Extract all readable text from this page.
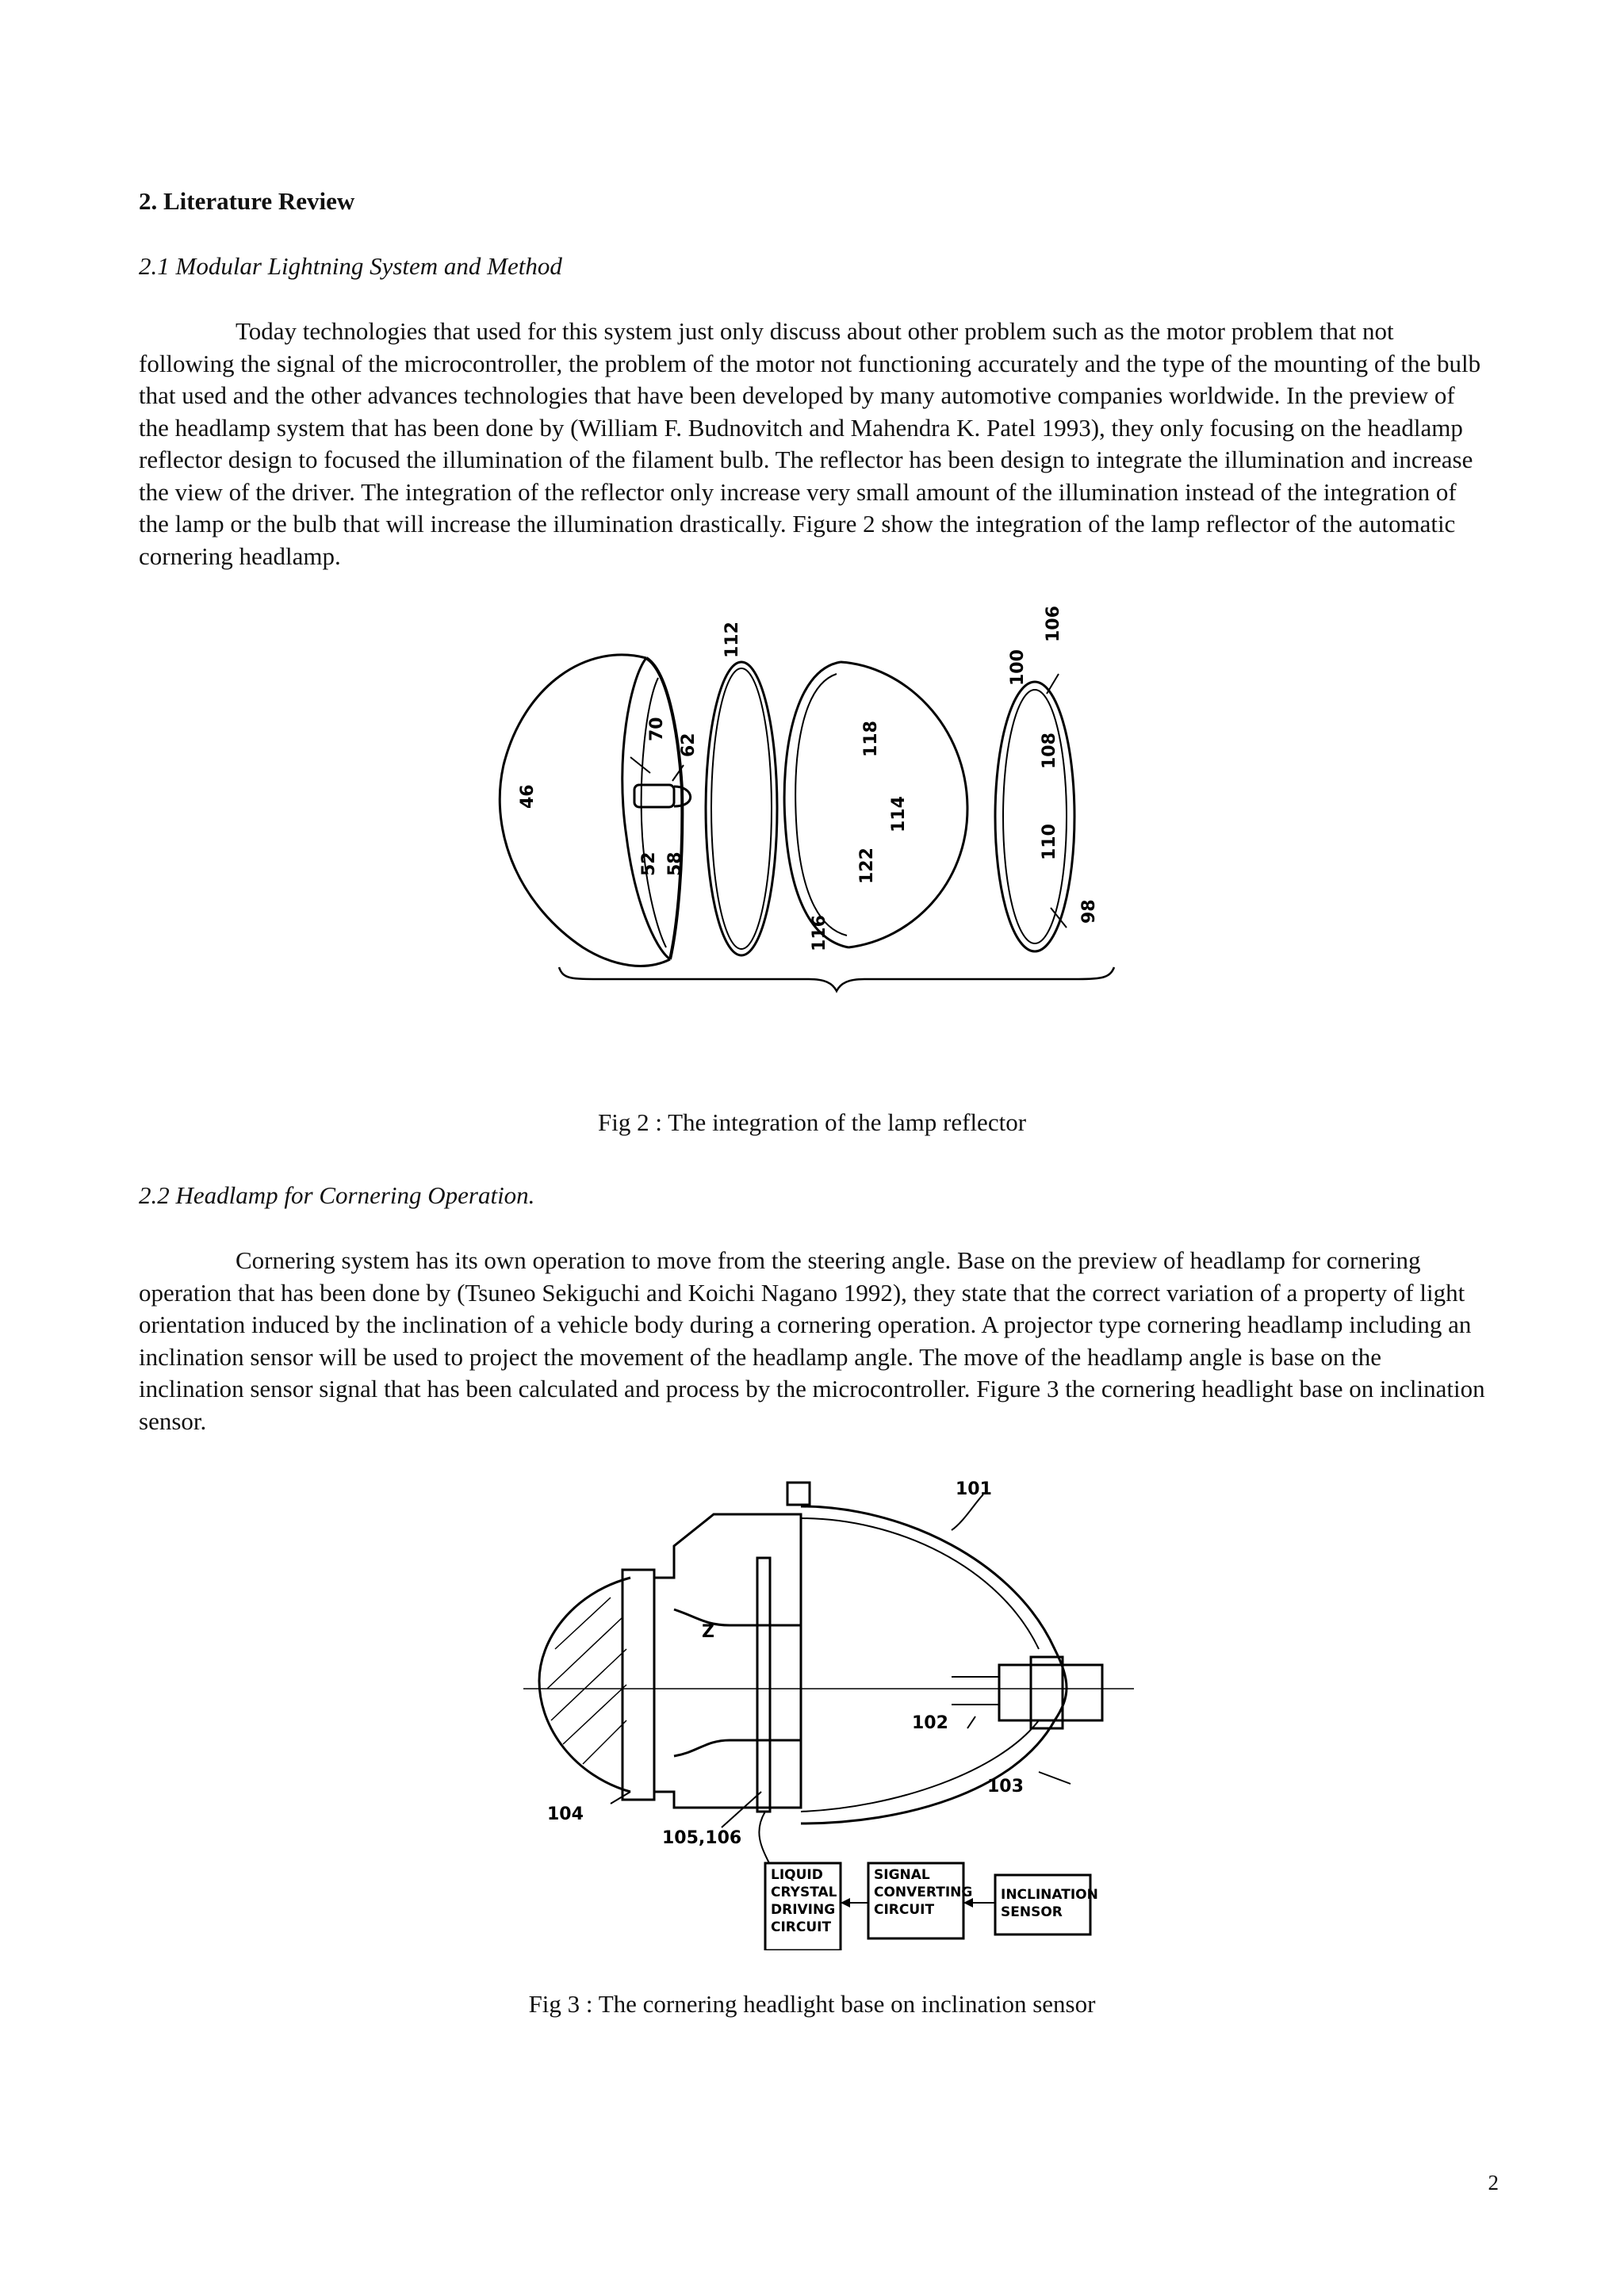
2. Literature Review
2.1 Modular Lightning System and Method

Today technologies that used for this system just only discuss about other problem such as the motor problem that not following the signal of the microcontroller, the problem of the motor not functioning accurately and the type of the mounting of the bulb that used and the other advances technologies that have been developed by many automotive companies worldwide. In the preview of the headlamp system that has been done by (William F. Budnovitch and Mahendra K. Patel 1993), they only focusing on the headlamp reflector design to focused the illumination of the filament bulb. The reflector has been design to integrate the illumination and increase the view of the driver. The integration of the reflector only increase very small amount of the illumination instead of the integration of the lamp or the bulb that will increase the illumination drastically. Figure 2 show the integration of the lamp reflector of the automatic cornering headlamp.

46
70
62
52 58
112
118
114
122
116
106
100
108
110
98

Fig 2 : The integration of the lamp reflector

2.2 Headlamp for Cornering Operation.

Cornering system has its own operation to move from the steering angle. Base on the preview of headlamp for cornering operation that has been done by (Tsuneo Sekiguchi and Koichi Nagano 1992), they state that the correct variation of a property of light orientation induced by the inclination of a vehicle body during a cornering operation. A projector type cornering headlamp including an inclination sensor will be used to project the movement of the headlamp angle. The move of the headlamp angle is base on the inclination sensor signal that has been calculated and process by the microcontroller. Figure 3 the cornering headlight base on inclination sensor.

101
Z
102
103
104
105,106
LIQUID
CRYSTAL
DRIVING
CIRCUIT
SIGNAL
CONVERTING
CIRCUIT
INCLINATION
SENSOR

Fig 3 : The cornering headlight base on inclination sensor

2
